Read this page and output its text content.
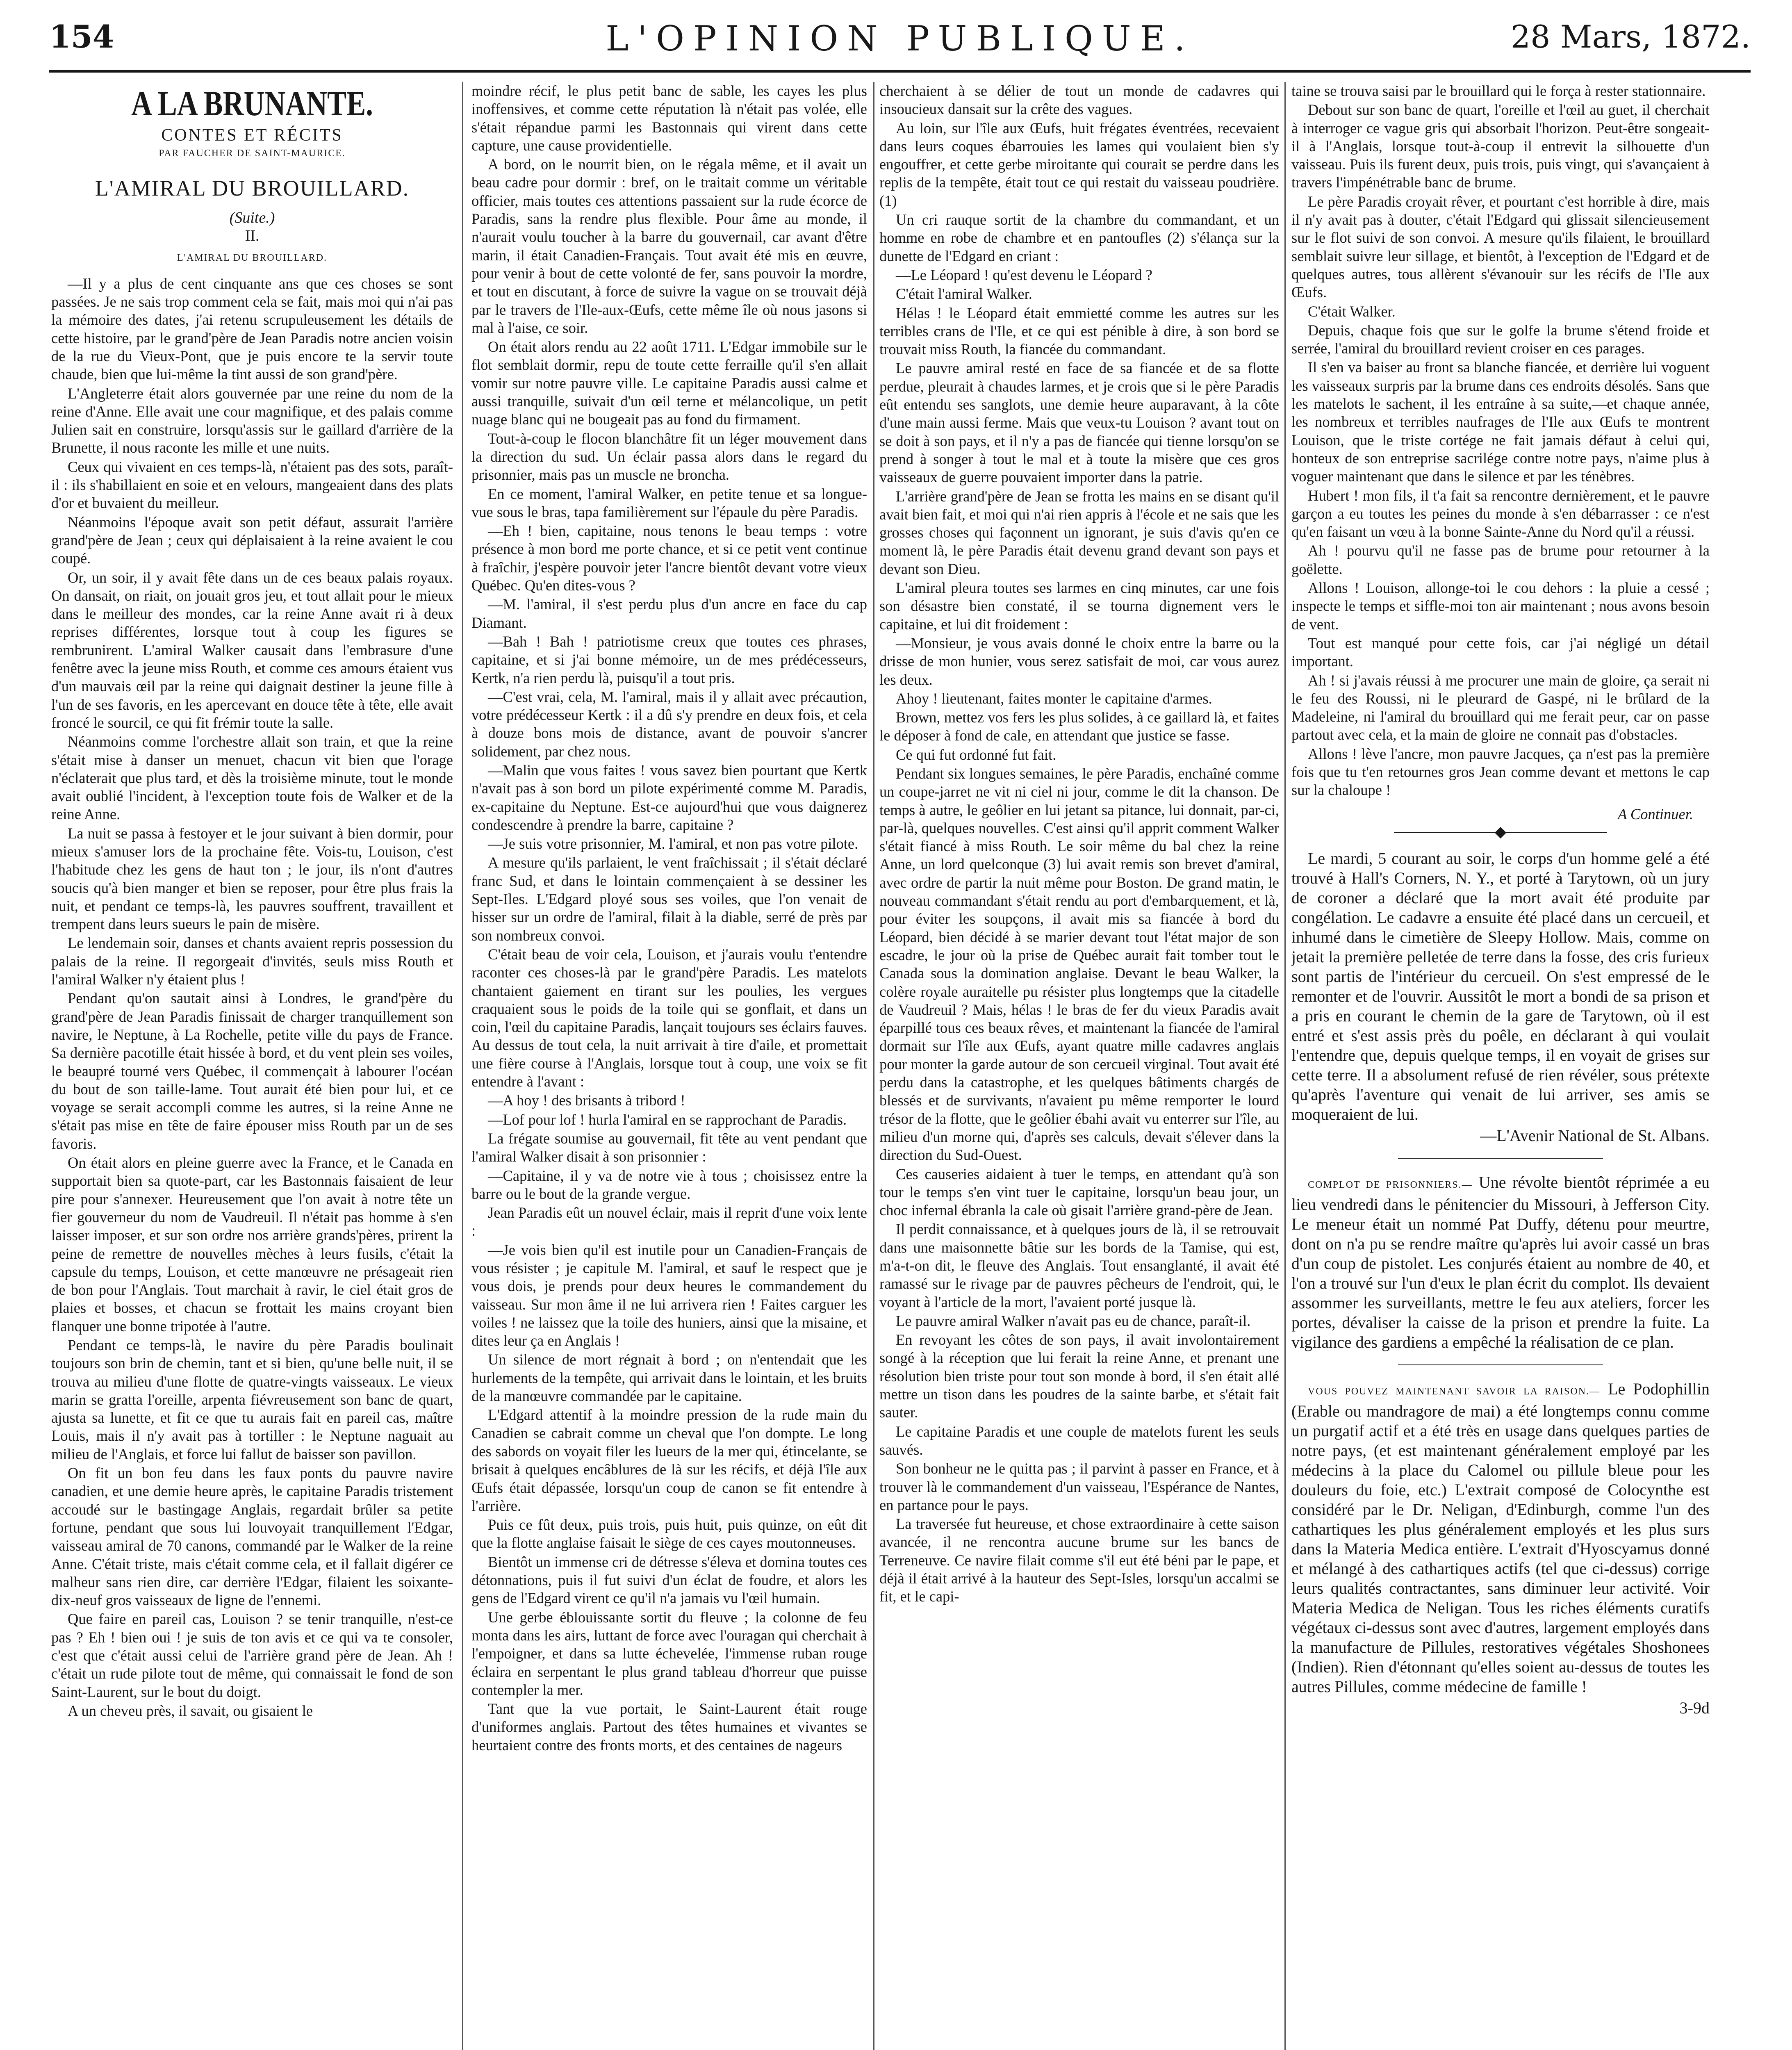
154	L'OPINION PUBLIQUE.	28 Mars, 1872.
A LA BRUNANTE.
CONTES ET RÉCITS
PAR FAUCHER DE SAINT-MAURICE.
L'AMIRAL DU BROUILLARD.
(Suite.)
II.
L'AMIRAL DU BROUILLARD.

—Il y a plus de cent cinquante ans que ces choses se sont passées. Je ne sais trop comment cela se fait, mais moi qui n'ai pas la mémoire des dates, j'ai retenu scrupuleusement les détails de cette histoire, par le grand'père de Jean Paradis notre ancien voisin de la rue du Vieux-Pont, que je puis encore te la servir toute chaude, bien que lui-même la tint aussi de son grand'père.

L'Angleterre était alors gouvernée par une reine du nom de la reine d'Anne. Elle avait une cour magnifique, et des palais comme Julien sait en construire, lorsqu'assis sur le gaillard d'arrière de la Brunette, il nous raconte les mille et une nuits.

Ceux qui vivaient en ces temps-là, n'étaient pas des sots, paraît-il : ils s'habillaient en soie et en velours, mangeaient dans des plats d'or et buvaient du meilleur.

Néanmoins l'époque avait son petit défaut, assurait l'arrière grand'père de Jean ; ceux qui déplaisaient à la reine avaient le cou coupé.

Or, un soir, il y avait fête dans un de ces beaux palais royaux. On dansait, on riait, on jouait gros jeu, et tout allait pour le mieux dans le meilleur des mondes, car la reine Anne avait ri à deux reprises différentes, lorsque tout à coup les figures se rembrunirent. L'amiral Walker causait dans l'embrasure d'une fenêtre avec la jeune miss Routh, et comme ces amours étaient vus d'un mauvais œil par la reine qui daignait destiner la jeune fille à l'un de ses favoris, en les apercevant en douce tête à tête, elle avait froncé le sourcil, ce qui fit frémir toute la salle.

Néanmoins comme l'orchestre allait son train, et que la reine s'était mise à danser un menuet, chacun vit bien que l'orage n'éclaterait que plus tard, et dès la troisième minute, tout le monde avait oublié l'incident, à l'exception toute fois de Walker et de la reine Anne.

La nuit se passa à festoyer et le jour suivant à bien dormir, pour mieux s'amuser lors de la prochaine fête. Vois-tu, Louison, c'est l'habitude chez les gens de haut ton ; le jour, ils n'ont d'autres soucis qu'à bien manger et bien se reposer, pour être plus frais la nuit, et pendant ce temps-là, les pauvres souffrent, travaillent et trempent dans leurs sueurs le pain de misère.

Le lendemain soir, danses et chants avaient repris possession du palais de la reine. Il regorgeait d'invités, seuls miss Routh et l'amiral Walker n'y étaient plus !

Pendant qu'on sautait ainsi à Londres, le grand'père du grand'père de Jean Paradis finissait de charger tranquillement son navire, le Neptune, à La Rochelle, petite ville du pays de France. Sa dernière pacotille était hissée à bord, et du vent plein ses voiles, le beaupré tourné vers Québec, il commençait à labourer l'océan du bout de son taille-lame. Tout aurait été bien pour lui, et ce voyage se serait accompli comme les autres, si la reine Anne ne s'était pas mise en tête de faire épouser miss Routh par un de ses favoris.

On était alors en pleine guerre avec la France, et le Canada en supportait bien sa quote-part, car les Bastonnais faisaient de leur pire pour s'annexer. Heureusement que l'on avait à notre tête un fier gouverneur du nom de Vaudreuil. Il n'était pas homme à s'en laisser imposer, et sur son ordre nos arrière grands'pères, prirent la peine de remettre de nouvelles mèches à leurs fusils, c'était la capsule du temps, Louison, et cette manœuvre ne présageait rien de bon pour l'Anglais. Tout marchait à ravir, le ciel était gros de plaies et bosses, et chacun se frottait les mains croyant bien flanquer une bonne tripotée à l'autre.

Pendant ce temps-là, le navire du père Paradis boulinait toujours son brin de chemin, tant et si bien, qu'une belle nuit, il se trouva au milieu d'une flotte de quatre-vingts vaisseaux. Le vieux marin se gratta l'oreille, arpenta fiévreusement son banc de quart, ajusta sa lunette, et fit ce que tu aurais fait en pareil cas, maître Louis, mais il n'y avait pas à tortiller : le Neptune naguait au milieu de l'Anglais, et force lui fallut de baisser son pavillon.

On fit un bon feu dans les faux ponts du pauvre navire canadien, et une demie heure après, le capitaine Paradis tristement accoudé sur le bastingage Anglais, regardait brûler sa petite fortune, pendant que sous lui louvoyait tranquillement l'Edgar, vaisseau amiral de 70 canons, commandé par le Walker de la reine Anne. C'était triste, mais c'était comme cela, et il fallait digérer ce malheur sans rien dire, car derrière l'Edgar, filaient les soixante-dix-neuf gros vaisseaux de ligne de l'ennemi.

Que faire en pareil cas, Louison ? se tenir tranquille, n'est-ce pas ? Eh ! bien oui ! je suis de ton avis et ce qui va te consoler, c'est que c'était aussi celui de l'arrière grand père de Jean. Ah ! c'était un rude pilote tout de même, qui connaissait le fond de son Saint-Laurent, sur le bout du doigt.

A un cheveu près, il savait, ou gisaient le

moindre récif, le plus petit banc de sable, les cayes les plus inoffensives, et comme cette réputation là n'était pas volée, elle s'était répandue parmi les Bastonnais qui virent dans cette capture, une cause providentielle.

A bord, on le nourrit bien, on le régala même, et il avait un beau cadre pour dormir : bref, on le traitait comme un véritable officier, mais toutes ces attentions passaient sur la rude écorce de Paradis, sans la rendre plus flexible. Pour âme au monde, il n'aurait voulu toucher à la barre du gouvernail, car avant d'être marin, il était Canadien-Français. Tout avait été mis en œuvre, pour venir à bout de cette volonté de fer, sans pouvoir la mordre, et tout en discutant, à force de suivre la vague on se trouvait déjà par le travers de l'Ile-aux-Œufs, cette même île où nous jasons si mal à l'aise, ce soir.

On était alors rendu au 22 août 1711. L'Edgar immobile sur le flot semblait dormir, repu de toute cette ferraille qu'il s'en allait vomir sur notre pauvre ville. Le capitaine Paradis aussi calme et aussi tranquille, suivait d'un œil terne et mélancolique, un petit nuage blanc qui ne bougeait pas au fond du firmament.

Tout-à-coup le flocon blanchâtre fit un léger mouvement dans la direction du sud. Un éclair passa alors dans le regard du prisonnier, mais pas un muscle ne broncha.

En ce moment, l'amiral Walker, en petite tenue et sa longue-vue sous le bras, tapa familièrement sur l'épaule du père Paradis.

—Eh ! bien, capitaine, nous tenons le beau temps : votre présence à mon bord me porte chance, et si ce petit vent continue à fraîchir, j'espère pouvoir jeter l'ancre bientôt devant votre vieux Québec. Qu'en dites-vous ?

—M. l'amiral, il s'est perdu plus d'un ancre en face du cap Diamant.

—Bah ! Bah ! patriotisme creux que toutes ces phrases, capitaine, et si j'ai bonne mémoire, un de mes prédécesseurs, Kertk, n'a rien perdu là, puisqu'il a tout pris.

—C'est vrai, cela, M. l'amiral, mais il y allait avec précaution, votre prédécesseur Kertk : il a dû s'y prendre en deux fois, et cela à douze bons mois de distance, avant de pouvoir s'ancrer solidement, par chez nous.

—Malin que vous faites ! vous savez bien pourtant que Kertk n'avait pas à son bord un pilote expérimenté comme M. Paradis, ex-capitaine du Neptune. Est-ce aujourd'hui que vous daignerez condescendre à prendre la barre, capitaine ?

—Je suis votre prisonnier, M. l'amiral, et non pas votre pilote.

A mesure qu'ils parlaient, le vent fraîchissait ; il s'était déclaré franc Sud, et dans le lointain commençaient à se dessiner les Sept-Iles. L'Edgard ployé sous ses voiles, que l'on venait de hisser sur un ordre de l'amiral, filait à la diable, serré de près par son nombreux convoi.

C'était beau de voir cela, Louison, et j'aurais voulu t'entendre raconter ces choses-là par le grand'père Paradis. Les matelots chantaient gaiement en tirant sur les poulies, les vergues craquaient sous le poids de la toile qui se gonflait, et dans un coin, l'œil du capitaine Paradis, lançait toujours ses éclairs fauves. Au dessus de tout cela, la nuit arrivait à tire d'aile, et promettait une fière course à l'Anglais, lorsque tout à coup, une voix se fit entendre à l'avant :

—A hoy ! des brisants à tribord !

—Lof pour lof ! hurla l'amiral en se rapprochant de Paradis.

La frégate soumise au gouvernail, fit tête au vent pendant que l'amiral Walker disait à son prisonnier :

—Capitaine, il y va de notre vie à tous ; choisissez entre la barre ou le bout de la grande vergue.

Jean Paradis eût un nouvel éclair, mais il reprit d'une voix lente :

—Je vois bien qu'il est inutile pour un Canadien-Français de vous résister ; je capitule M. l'amiral, et sauf le respect que je vous dois, je prends pour deux heures le commandement du vaisseau. Sur mon âme il ne lui arrivera rien ! Faites carguer les voiles ! ne laissez que la toile des huniers, ainsi que la misaine, et dites leur ça en Anglais !

Un silence de mort régnait à bord ; on n'entendait que les hurlements de la tempête, qui arrivait dans le lointain, et les bruits de la manœuvre commandée par le capitaine.

L'Edgard attentif à la moindre pression de la rude main du Canadien se cabrait comme un cheval que l'on dompte. Le long des sabords on voyait filer les lueurs de la mer qui, étincelante, se brisait à quelques encâblures de là sur les récifs, et déjà l'île aux Œufs était dépassée, lorsqu'un coup de canon se fit entendre à l'arrière.

Puis ce fût deux, puis trois, puis huit, puis quinze, on eût dit que la flotte anglaise faisait le siège de ces cayes moutonneuses.

Bientôt un immense cri de détresse s'éleva et domina toutes ces détonnations, puis il fut suivi d'un éclat de foudre, et alors les gens de l'Edgard virent ce qu'il n'a jamais vu l'œil humain.

Une gerbe éblouissante sortit du fleuve ; la colonne de feu monta dans les airs, luttant de force avec l'ouragan qui cherchait à l'empoigner, et dans sa lutte échevelée, l'immense ruban rouge éclaira en serpentant le plus grand tableau d'horreur que puisse contempler la mer.

Tant que la vue portait, le Saint-Laurent était rouge d'uniformes anglais. Partout des têtes humaines et vivantes se heurtaient contre des fronts morts, et des centaines de nageurs

cherchaient à se délier de tout un monde de cadavres qui insoucieux dansait sur la crête des vagues.

Au loin, sur l'île aux Œufs, huit frégates éventrées, recevaient dans leurs coques ébarrouies les lames qui voulaient bien s'y engouffrer, et cette gerbe miroitante qui courait se perdre dans les replis de la tempête, était tout ce qui restait du vaisseau poudrière. (1)

Un cri rauque sortit de la chambre du commandant, et un homme en robe de chambre et en pantoufles (2) s'élança sur la dunette de l'Edgard en criant :

—Le Léopard ! qu'est devenu le Léopard ?

C'était l'amiral Walker.

Hélas ! le Léopard était emmietté comme les autres sur les terribles crans de l'Ile, et ce qui est pénible à dire, à son bord se trouvait miss Routh, la fiancée du commandant.

Le pauvre amiral resté en face de sa fiancée et de sa flotte perdue, pleurait à chaudes larmes, et je crois que si le père Paradis eût entendu ses sanglots, une demie heure auparavant, à la côte d'une main aussi ferme. Mais que veux-tu Louison ? avant tout on se doit à son pays, et il n'y a pas de fiancée qui tienne lorsqu'on se prend à songer à tout le mal et à toute la misère que ces gros vaisseaux de guerre pouvaient importer dans la patrie.

L'arrière grand'père de Jean se frotta les mains en se disant qu'il avait bien fait, et moi qui n'ai rien appris à l'école et ne sais que les grosses choses qui façonnent un ignorant, je suis d'avis qu'en ce moment là, le père Paradis était devenu grand devant son pays et devant son Dieu.

L'amiral pleura toutes ses larmes en cinq minutes, car une fois son désastre bien constaté, il se tourna dignement vers le capitaine, et lui dit froidement :

—Monsieur, je vous avais donné le choix entre la barre ou la drisse de mon hunier, vous serez satisfait de moi, car vous aurez les deux.

Ahoy ! lieutenant, faites monter le capitaine d'armes.

Brown, mettez vos fers les plus solides, à ce gaillard là, et faites le déposer à fond de cale, en attendant que justice se fasse.

Ce qui fut ordonné fut fait.

Pendant six longues semaines, le père Paradis, enchaîné comme un coupe-jarret ne vit ni ciel ni jour, comme le dit la chanson. De temps à autre, le geôlier en lui jetant sa pitance, lui donnait, par-ci, par-là, quelques nouvelles. C'est ainsi qu'il apprit comment Walker s'était fiancé à miss Routh. Le soir même du bal chez la reine Anne, un lord quelconque (3) lui avait remis son brevet d'amiral, avec ordre de partir la nuit même pour Boston. De grand matin, le nouveau commandant s'était rendu au port d'embarquement, et là, pour éviter les soupçons, il avait mis sa fiancée à bord du Léopard, bien décidé à se marier devant tout l'état major de son escadre, le jour où la prise de Québec aurait fait tomber tout le Canada sous la domination anglaise. Devant le beau Walker, la colère royale auraitelle pu résister plus longtemps que la citadelle de Vaudreuil ? Mais, hélas ! le bras de fer du vieux Paradis avait éparpillé tous ces beaux rêves, et maintenant la fiancée de l'amiral dormait sur l'île aux Œufs, ayant quatre mille cadavres anglais pour monter la garde autour de son cercueil virginal. Tout avait été perdu dans la catastrophe, et les quelques bâtiments chargés de blessés et de survivants, n'avaient pu même remporter le lourd trésor de la flotte, que le geôlier ébahi avait vu enterrer sur l'île, au milieu d'un morne qui, d'après ses calculs, devait s'élever dans la direction du Sud-Ouest.

Ces causeries aidaient à tuer le temps, en attendant qu'à son tour le temps s'en vint tuer le capitaine, lorsqu'un beau jour, un choc infernal ébranla la cale où gisait l'arrière grand-père de Jean.

Il perdit connaissance, et à quelques jours de là, il se retrouvait dans une maisonnette bâtie sur les bords de la Tamise, qui est, m'a-t-on dit, le fleuve des Anglais. Tout ensanglanté, il avait été ramassé sur le rivage par de pauvres pêcheurs de l'endroit, qui, le voyant à l'article de la mort, l'avaient porté jusque là.

Le pauvre amiral Walker n'avait pas eu de chance, paraît-il.

En revoyant les côtes de son pays, il avait involontairement songé à la réception que lui ferait la reine Anne, et prenant une résolution bien triste pour tout son monde à bord, il s'en était allé mettre un tison dans les poudres de la sainte barbe, et s'était fait sauter.

Le capitaine Paradis et une couple de matelots furent les seuls sauvés.

Son bonheur ne le quitta pas ; il parvint à passer en France, et à trouver là le commandement d'un vaisseau, l'Espérance de Nantes, en partance pour le pays.

La traversée fut heureuse, et chose extraordinaire à cette saison avancée, il ne rencontra aucune brume sur les bancs de Terreneuve. Ce navire filait comme s'il eut été béni par le pape, et déjà il était arrivé à la hauteur des Sept-Isles, lorsqu'un accalmi se fit, et le capi-

taine se trouva saisi par le brouillard qui le força à rester stationnaire.

Debout sur son banc de quart, l'oreille et l'œil au guet, il cherchait à interroger ce vague gris qui absorbait l'horizon. Peut-être songeait-il à l'Anglais, lorsque tout-à-coup il entrevit la silhouette d'un vaisseau. Puis ils furent deux, puis trois, puis vingt, qui s'avançaient à travers l'impénétrable banc de brume.

Le père Paradis croyait rêver, et pourtant c'est horrible à dire, mais il n'y avait pas à douter, c'était l'Edgard qui glissait silencieusement sur le flot suivi de son convoi. A mesure qu'ils filaient, le brouillard semblait suivre leur sillage, et bientôt, à l'exception de l'Edgard et de quelques autres, tous allèrent s'évanouir sur les récifs de l'Ile aux Œufs.

C'était Walker.

Depuis, chaque fois que sur le golfe la brume s'étend froide et serrée, l'amiral du brouillard revient croiser en ces parages.

Il s'en va baiser au front sa blanche fiancée, et derrière lui voguent les vaisseaux surpris par la brume dans ces endroits désolés. Sans que les matelots le sachent, il les entraîne à sa suite,—et chaque année, les nombreux et terribles naufrages de l'Ile aux Œufs te montrent Louison, que le triste cortége ne fait jamais défaut à celui qui, honteux de son entreprise sacrilége contre notre pays, n'aime plus à voguer maintenant que dans le silence et par les ténèbres.

Hubert ! mon fils, il t'a fait sa rencontre dernièrement, et le pauvre garçon a eu toutes les peines du monde à s'en débarrasser : ce n'est qu'en faisant un vœu à la bonne Sainte-Anne du Nord qu'il a réussi.

Ah ! pourvu qu'il ne fasse pas de brume pour retourner à la goëlette.

Allons ! Louison, allonge-toi le cou dehors : la pluie a cessé ; inspecte le temps et siffle-moi ton air maintenant ; nous avons besoin de vent.

Tout est manqué pour cette fois, car j'ai négligé un détail important.

Ah ! si j'avais réussi à me procurer une main de gloire, ça serait ni le feu des Roussi, ni le pleurard de Gaspé, ni le brûlard de la Madeleine, ni l'amiral du brouillard qui me ferait peur, car on passe partout avec cela, et la main de gloire ne connait pas d'obstacles.

Allons ! lève l'ancre, mon pauvre Jacques, ça n'est pas la première fois que tu t'en retournes gros Jean comme devant et mettons le cap sur la chaloupe !

A Continuer.

Le mardi, 5 courant au soir, le corps d'un homme gelé a été trouvé à Hall's Corners, N. Y., et porté à Tarytown, où un jury de coroner a déclaré que la mort avait été produite par congélation. Le cadavre a ensuite été placé dans un cercueil, et inhumé dans le cimetière de Sleepy Hollow. Mais, comme on jetait la première pelletée de terre dans la fosse, des cris furieux sont partis de l'intérieur du cercueil. On s'est empressé de le remonter et de l'ouvrir. Aussitôt le mort a bondi de sa prison et a pris en courant le chemin de la gare de Tarytown, où il est entré et s'est assis près du poêle, en déclarant à qui voulait l'entendre que, depuis quelque temps, il en voyait de grises sur cette terre. Il a absolument refusé de rien révéler, sous prétexte qu'après l'aventure qui venait de lui arriver, ses amis se moqueraient de lui.

—L'Avenir National de St. Albans.

COMPLOT DE PRISONNIERS.— Une révolte bientôt réprimée a eu lieu vendredi dans le pénitencier du Missouri, à Jefferson City. Le meneur était un nommé Pat Duffy, détenu pour meurtre, dont on n'a pu se rendre maître qu'après lui avoir cassé un bras d'un coup de pistolet. Les conjurés étaient au nombre de 40, et l'on a trouvé sur l'un d'eux le plan écrit du complot. Ils devaient assommer les surveillants, mettre le feu aux ateliers, forcer les portes, dévaliser la caisse de la prison et prendre la fuite. La vigilance des gardiens a empêché la réalisation de ce plan.

VOUS POUVEZ MAINTENANT SAVOIR LA RAISON.— Le Podophillin (Erable ou mandragore de mai) a été longtemps connu comme un purgatif actif et a été très en usage dans quelques parties de notre pays, (et est maintenant généralement employé par les médecins à la place du Calomel ou pillule bleue pour les douleurs du foie, etc.) L'extrait composé de Colocynthe est considéré par le Dr. Neligan, d'Edinburgh, comme l'un des cathartiques les plus généralement employés et les plus surs dans la Materia Medica entière. L'extrait d'Hyoscyamus donné et mélangé à des cathartiques actifs (tel que ci-dessus) corrige leurs qualités contractantes, sans diminuer leur activité. Voir Materia Medica de Neligan. Tous les riches éléments curatifs végétaux ci-dessus sont avec d'autres, largement employés dans la manufacture de Pillules, restoratives végétales Shoshonees (Indien). Rien d'étonnant qu'elles soient au-dessus de toutes les autres Pillules, comme médecine de famille !

3-9d
